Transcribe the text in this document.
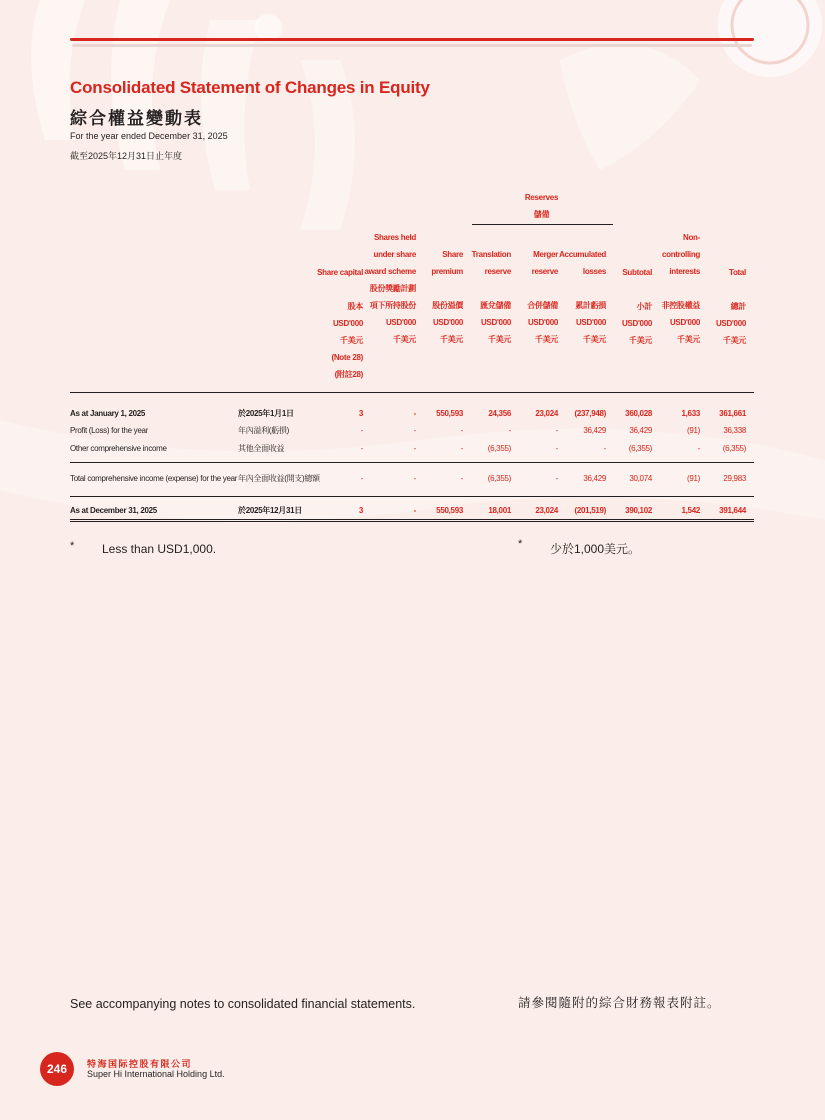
Consolidated Statement of Changes in Equity
綜合權益變動表
For the year ended December 31, 2025
截至2025年12月31日止年度
Reserves
儲備
Share capital

股本
USD'000
千美元
(Note 28)
(附註28)
Shares held
under share
award scheme
股份獎勵計劃
項下所持股份
USD'000
千美元
Share
premium

股份溢價
USD'000
千美元
Translation
reserve

匯兌儲備
USD'000
千美元
Merger
reserve

合併儲備
USD'000
千美元
Accumulated
losses

累計虧損
USD'000
千美元
Subtotal

小計
USD'000
千美元
Non-
controlling
interests

非控股權益
USD'000
千美元
Total

總計
USD'000
千美元
As at January 1, 2025	於2025年1月1日	3	-	550,593	24,356	23,024 (237,948) 360,028	1,633 361,661
Profit (Loss) for the year	年內溢利(虧損)	-	-	-	-	-	36,429	36,429	(91)	36,338
Other comprehensive income	其他全面收益	-	-	-	(6,355)	-	-	(6,355)	-	(6,355)
Total comprehensive income (expense) for the year 年內全面收益(開支)總額	-	-	-	(6,355)	-	36,429	30,074	(91)	29,983
As at December 31, 2025	於2025年12月31日	3	-	550,593	18,001	23,024 (201,519) 390,102	1,542 391,644
* Less than USD1,000.	* 少於1,000美元。
See accompanying notes to consolidated financial statements.	請參閱隨附的綜合財務報表附註。
246	特海国际控股有限公司
Super Hi International Holding Ltd.
